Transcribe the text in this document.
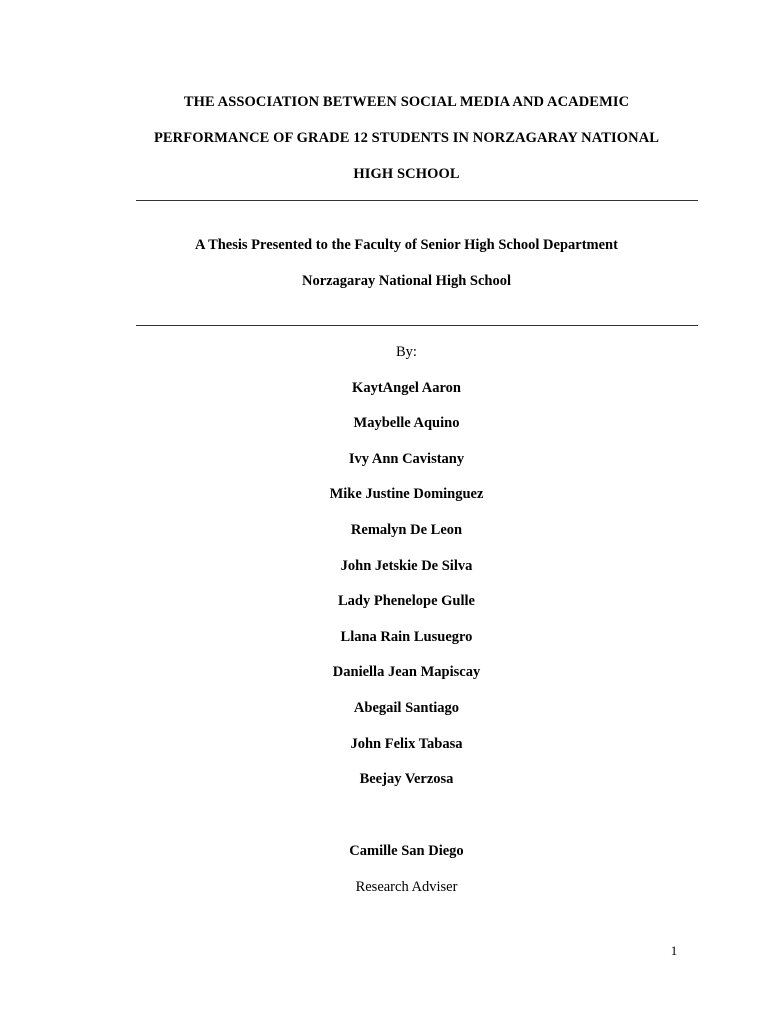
THE ASSOCIATION BETWEEN SOCIAL MEDIA AND ACADEMIC
PERFORMANCE OF GRADE 12 STUDENTS IN NORZAGARAY NATIONAL
HIGH SCHOOL
A Thesis Presented to the Faculty of Senior High School Department
Norzagaray National High School
By:
KaytAngel Aaron
Maybelle Aquino
Ivy Ann Cavistany
Mike Justine Dominguez
Remalyn De Leon
John Jetskie De Silva
Lady Phenelope Gulle
Llana Rain Lusuegro
Daniella Jean Mapiscay
Abegail Santiago
John Felix Tabasa
Beejay Verzosa
Camille San Diego
Research Adviser
1
